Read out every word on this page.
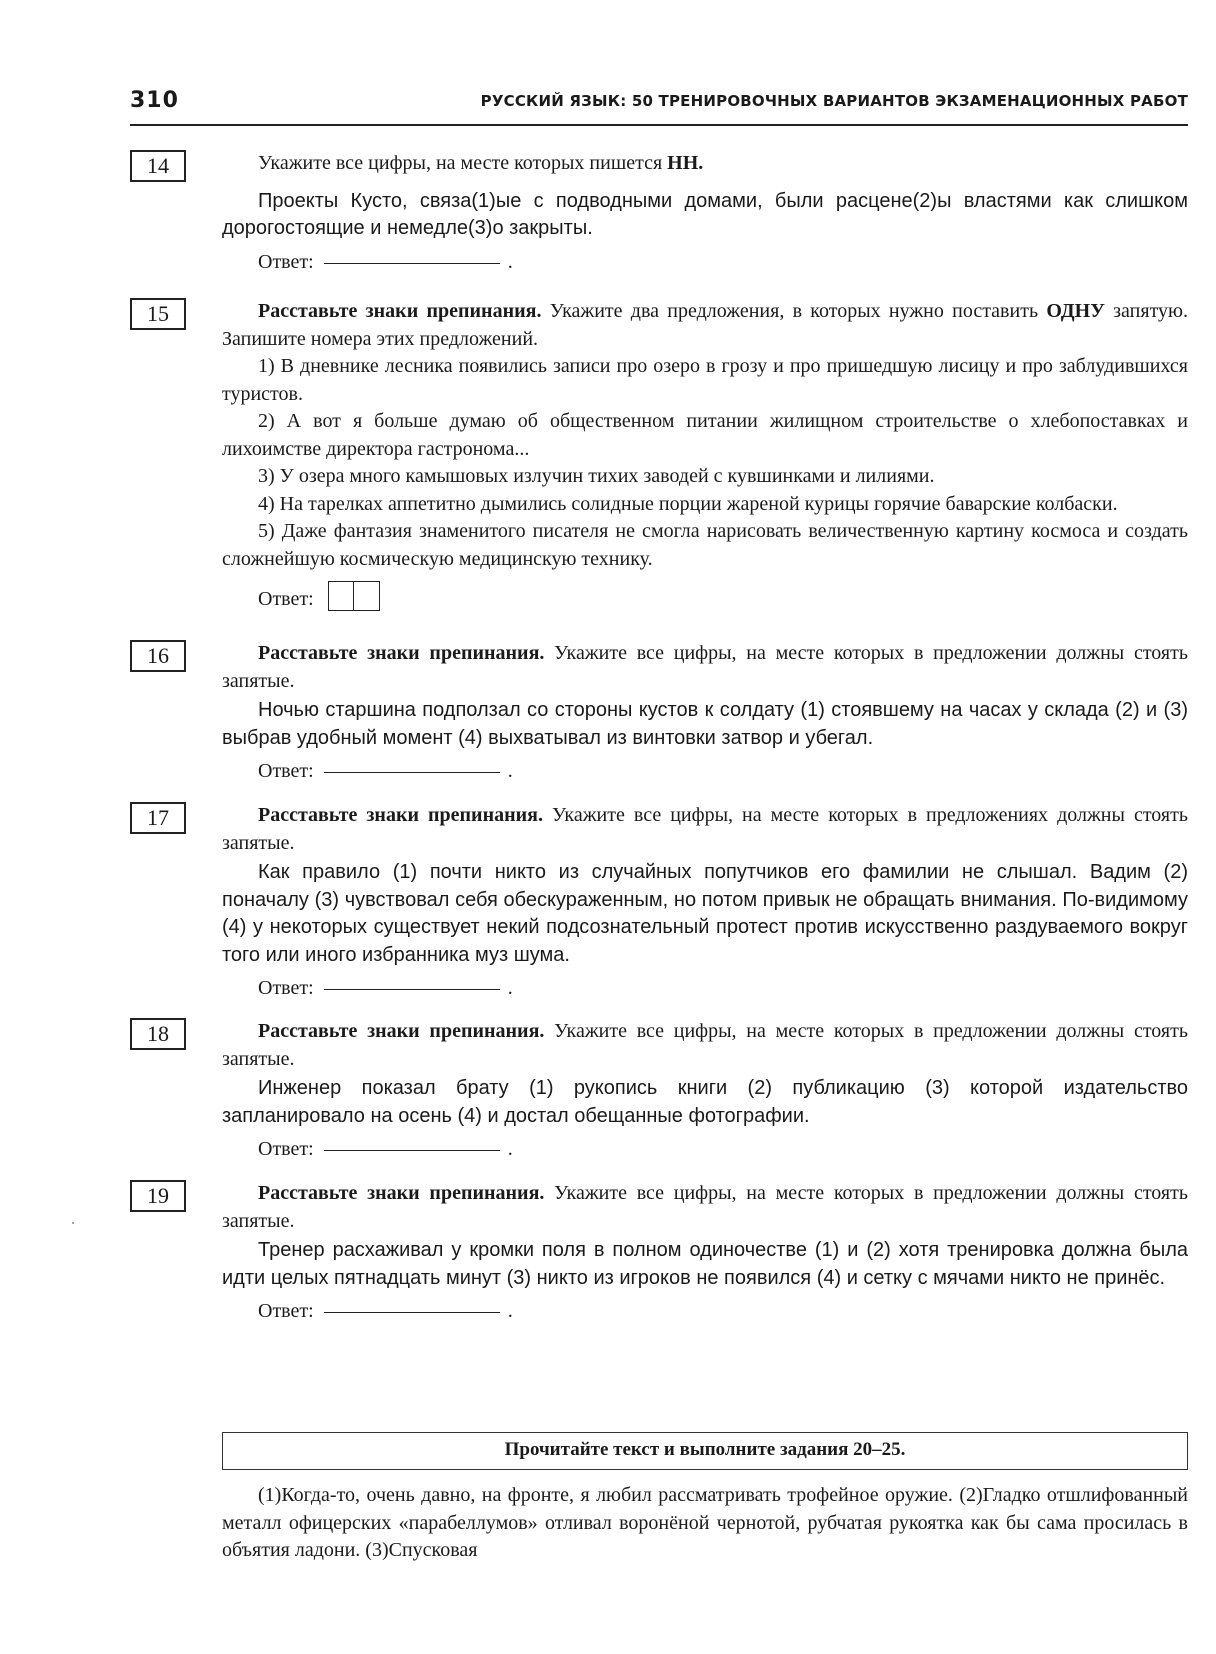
310	РУССКИЙ ЯЗЫК: 50 ТРЕНИРОВОЧНЫХ ВАРИАНТОВ ЭКЗАМЕНАЦИОННЫХ РАБОТ
14	Укажите все цифры, на месте которых пишется НН.

Проекты Кусто, связа(1)ые с подводными домами, были расцене(2)ы властями как слишком дорогостоящие и немедле(3)о закрыты.

Ответ:	.
15	Расставьте знаки препинания. Укажите два предложения, в которых нужно поставить ОДНУ запятую. Запишите номера этих предложений.

1) В дневнике лесника появились записи про озеро в грозу и про пришедшую лисицу и про заблудившихся туристов.

2) А вот я больше думаю об общественном питании жилищном строительстве о хлебопоставках и лихоимстве директора гастронома...

3) У озера много камышовых излучин тихих заводей с кувшинками и лилиями.

4) На тарелках аппетитно дымились солидные порции жареной курицы горячие баварские колбаски.

5) Даже фантазия знаменитого писателя не смогла нарисовать величественную картину космоса и создать сложнейшую космическую медицинскую технику.

Ответ:
16	Расставьте знаки препинания. Укажите все цифры, на месте которых в предложении должны стоять запятые.

Ночью старшина подползал со стороны кустов к солдату (1) стоявшему на часах у склада (2) и (3) выбрав удобный момент (4) выхватывал из винтовки затвор и убегал.

Ответ:	.
17	Расставьте знаки препинания. Укажите все цифры, на месте которых в предложениях должны стоять запятые.

Как правило (1) почти никто из случайных попутчиков его фамилии не слышал. Вадим (2) поначалу (3) чувствовал себя обескураженным, но потом привык не обращать внимания. По-видимому (4) у некоторых существует некий подсознательный протест против искусственно раздуваемого вокруг того или иного избранника муз шума.

Ответ:	.
18	Расставьте знаки препинания. Укажите все цифры, на месте которых в предложении должны стоять запятые.

Инженер показал брату (1) рукопись книги (2) публикацию (3) которой издательство запланировало на осень (4) и достал обещанные фотографии.

Ответ:	.
19	Расставьте знаки препинания. Укажите все цифры, на месте которых в предложении должны стоять запятые.

Тренер расхаживал у кромки поля в полном одиночестве (1) и (2) хотя тренировка должна была идти целых пятнадцать минут (3) никто из игроков не появился (4) и сетку с мячами никто не принёс.

Ответ:	.
Прочитайте текст и выполните задания 20–25.

(1)Когда-то, очень давно, на фронте, я любил рассматривать трофейное оружие. (2)Гладко отшлифованный металл офицерских «парабеллумов» отливал воронёной чернотой, рубчатая рукоятка как бы сама просилась в объятия ладони. (3)Спусковая
